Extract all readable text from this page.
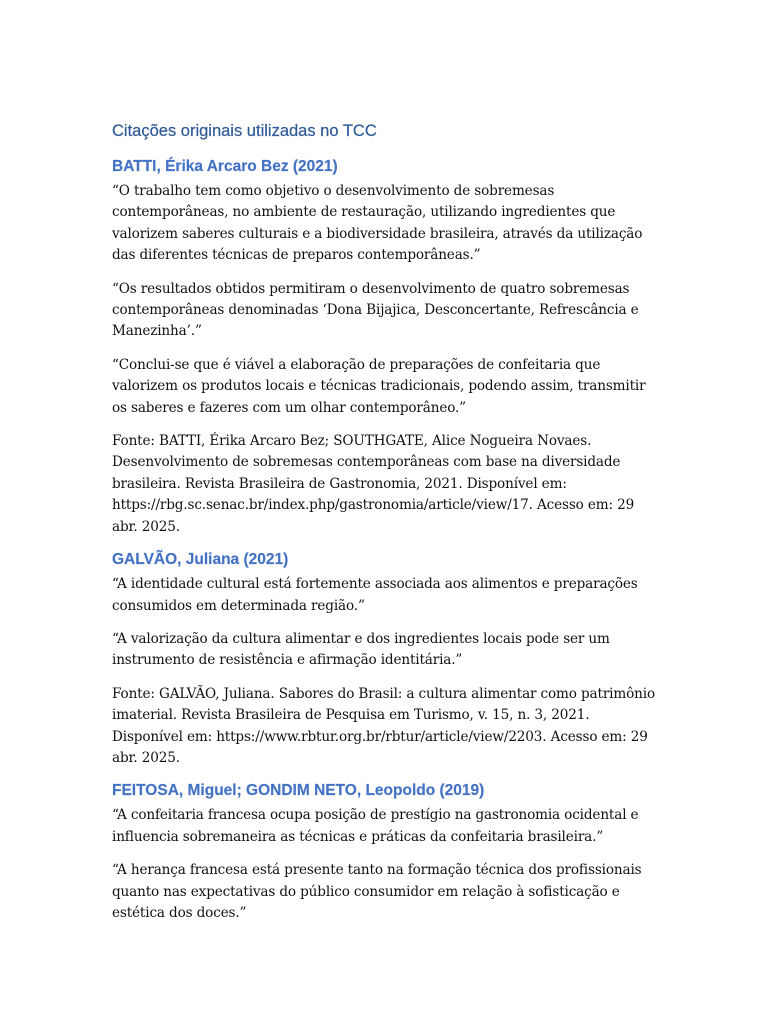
Citações originais utilizadas no TCC
BATTI, Érika Arcaro Bez (2021)

“O trabalho tem como objetivo o desenvolvimento de sobremesas contemporâneas, no ambiente de restauração, utilizando ingredientes que valorizem saberes culturais e a biodiversidade brasileira, através da utilização das diferentes técnicas de preparos contemporâneas.”

“Os resultados obtidos permitiram o desenvolvimento de quatro sobremesas contemporâneas denominadas ‘Dona Bijajica, Desconcertante, Refrescância e Manezinha’.”

“Conclui-se que é viável a elaboração de preparações de confeitaria que valorizem os produtos locais e técnicas tradicionais, podendo assim, transmitir os saberes e fazeres com um olhar contemporâneo.”

Fonte: BATTI, Érika Arcaro Bez; SOUTHGATE, Alice Nogueira Novaes. Desenvolvimento de sobremesas contemporâneas com base na diversidade brasileira. Revista Brasileira de Gastronomia, 2021. Disponível em: https://rbg.sc.senac.br/index.php/gastronomia/article/view/17. Acesso em: 29 abr. 2025.

GALVÃO, Juliana (2021)

“A identidade cultural está fortemente associada aos alimentos e preparações consumidos em determinada região.”

“A valorização da cultura alimentar e dos ingredientes locais pode ser um instrumento de resistência e afirmação identitária.”

Fonte: GALVÃO, Juliana. Sabores do Brasil: a cultura alimentar como patrimônio imaterial. Revista Brasileira de Pesquisa em Turismo, v. 15, n. 3, 2021. Disponível em: https://www.rbtur.org.br/rbtur/article/view/2203. Acesso em: 29 abr. 2025.

FEITOSA, Miguel; GONDIM NETO, Leopoldo (2019)

“A confeitaria francesa ocupa posição de prestígio na gastronomia ocidental e influencia sobremaneira as técnicas e práticas da confeitaria brasileira.”

“A herança francesa está presente tanto na formação técnica dos profissionais quanto nas expectativas do público consumidor em relação à sofisticação e estética dos doces.”
